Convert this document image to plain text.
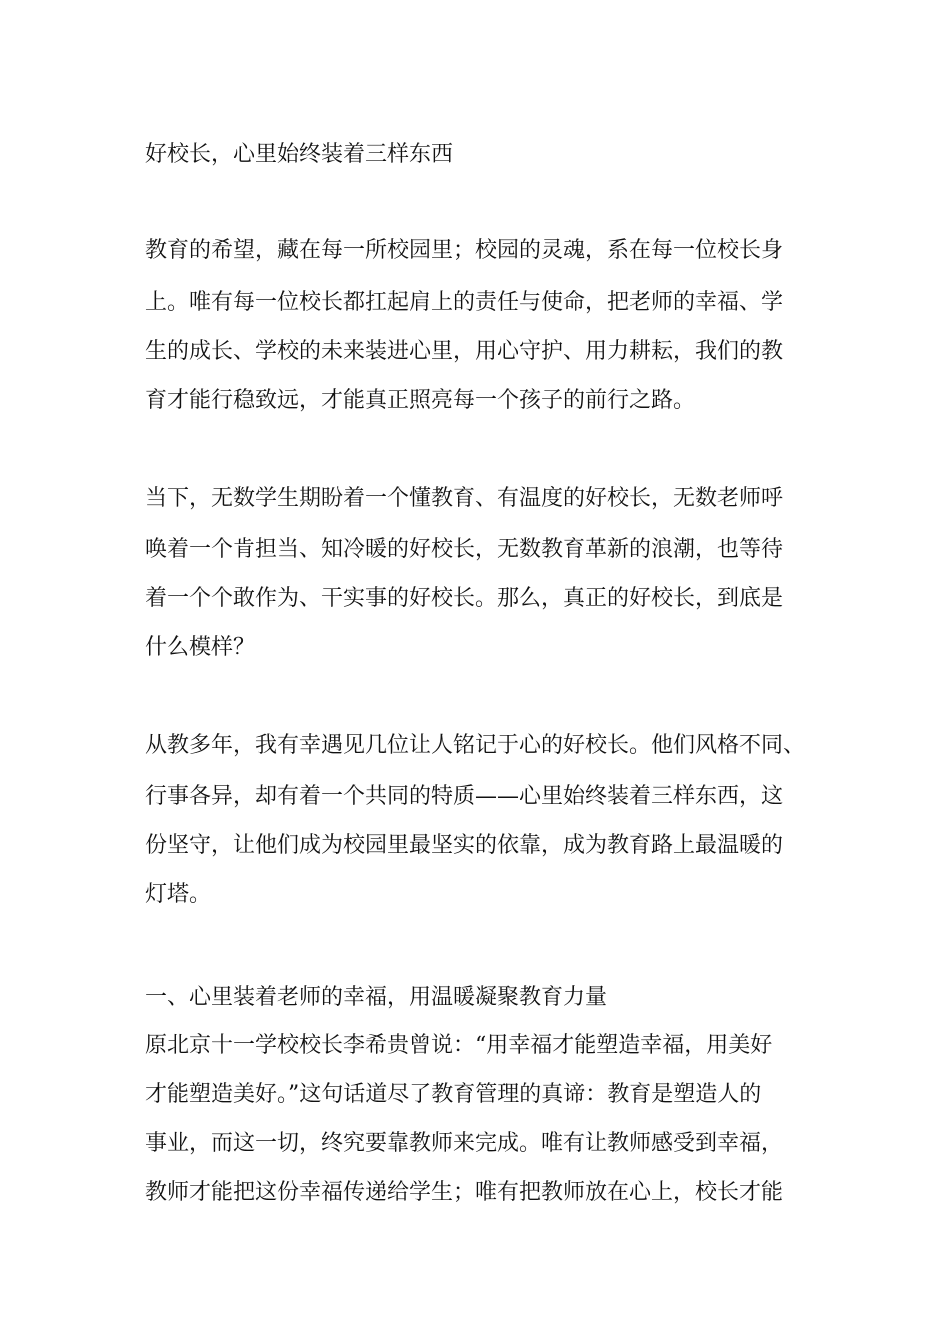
好校长，心里始终装着三样东西
教育的希望，藏在每一所校园里；校园的灵魂，系在每一位校长身
上。唯有每一位校长都扛起肩上的责任与使命，把老师的幸福、学
生的成长、学校的未来装进心里，用心守护、用力耕耘，我们的教
育才能行稳致远，才能真正照亮每一个孩子的前行之路。
当下，无数学生期盼着一个懂教育、有温度的好校长，无数老师呼
唤着一个肯担当、知冷暖的好校长，无数教育革新的浪潮，也等待
着一个个敢作为、干实事的好校长。那么，真正的好校长，到底是
什么模样？
从教多年，我有幸遇见几位让人铭记于心的好校长。他们风格不同、
行事各异，却有着一个共同的特质——心里始终装着三样东西，这
份坚守，让他们成为校园里最坚实的依靠，成为教育路上最温暖的
灯塔。
一、心里装着老师的幸福，用温暖凝聚教育力量
原北京十一学校校长李希贵曾说：“用幸福才能塑造幸福，用美好
才能塑造美好。”这句话道尽了教育管理的真谛：教育是塑造人的
事业，而这一切，终究要靠教师来完成。唯有让教师感受到幸福，
教师才能把这份幸福传递给学生；唯有把教师放在心上，校长才能
